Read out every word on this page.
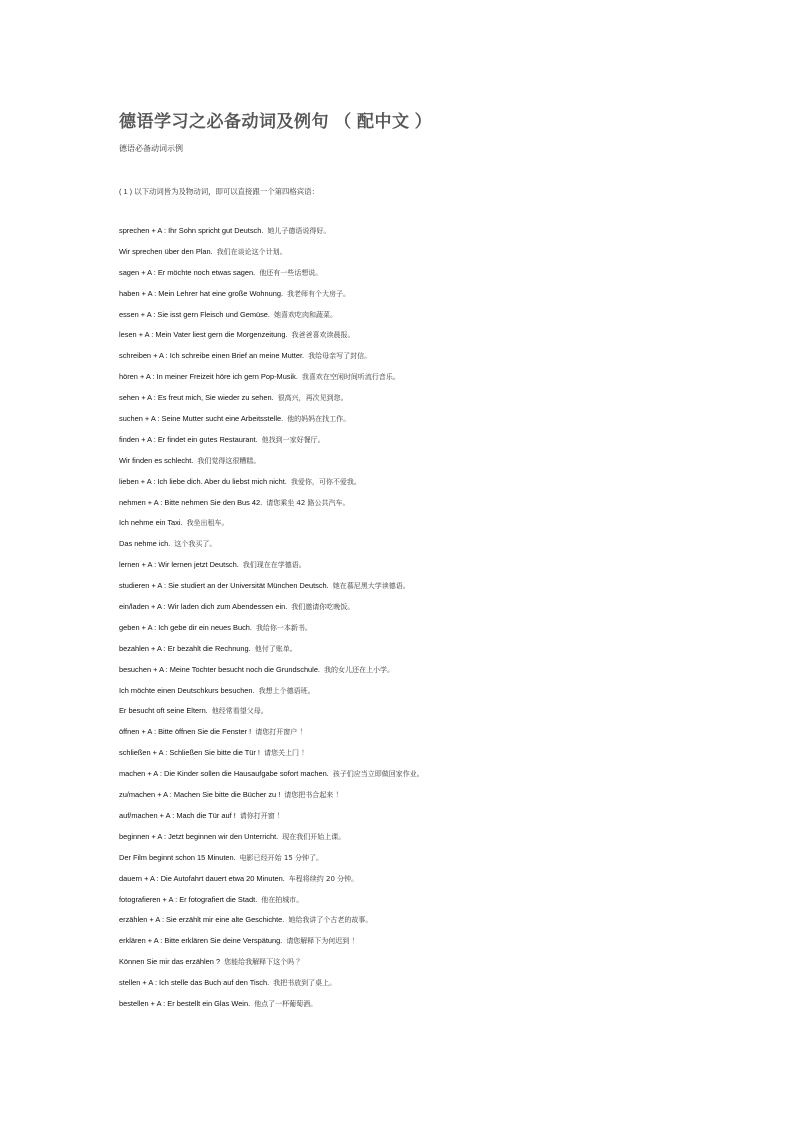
德语学习之必备动词及例句 （ 配中文 ）
德语必备动词示例
( 1 ) 以下动词皆为及物动词，即可以直接跟一个第四格宾语：
sprechen + A : Ihr Sohn spricht gut Deutsch. 她儿子德语说得好。
Wir sprechen über den Plan. 我们在谈论这个计划。
sagen + A : Er möchte noch etwas sagen. 他还有一些话想说。
haben + A : Mein Lehrer hat eine große Wohnung. 我老师有个大房子。
essen + A : Sie isst gern Fleisch und Gemüse. 她喜欢吃肉和蔬菜。
lesen + A : Mein Vater liest gern die Morgenzeitung. 我爸爸喜欢读晨报。
schreiben + A : Ich schreibe einen Brief an meine Mutter. 我给母亲写了封信。
hören + A : In meiner Freizeit höre ich gern Pop-Musik. 我喜欢在空闲时间听流行音乐。
sehen + A : Es freut mich, Sie wieder zu sehen. 很高兴，再次见到您。
suchen + A : Seine Mutter sucht eine Arbeitsstelle. 他的妈妈在找工作。
finden + A : Er findet ein gutes Restaurant. 他找到一家好餐厅。
Wir finden es schlecht. 我们觉得这很糟糕。
lieben + A : Ich liebe dich. Aber du liebst mich nicht. 我爱你，可你不爱我。
nehmen + A : Bitte nehmen Sie den Bus 42. 请您乘坐 42 路公共汽车。
Ich nehme ein Taxi. 我坐出租车。
Das nehme ich. 这个我买了。
lernen + A : Wir lernen jetzt Deutsch. 我们现在在学德语。
studieren + A : Sie studiert an der Universität München Deutsch. 她在慕尼黑大学读德语。
ein/laden + A : Wir laden dich zum Abendessen ein. 我们邀请你吃晚饭。
geben + A : Ich gebe dir ein neues Buch. 我给你一本新书。
bezahlen + A : Er bezahlt die Rechnung. 他付了账单。
besuchen + A : Meine Tochter besucht noch die Grundschule. 我的女儿还在上小学。
Ich möchte einen Deutschkurs besuchen. 我想上个德语班。
Er besucht oft seine Eltern. 他经常看望父母。
öffnen + A : Bitte öffnen Sie die Fenster ! 请您打开窗户 ！
schließen + A : Schließen Sie bitte die Tür ! 请您关上门 ！
machen + A : Die Kinder sollen die Hausaufgabe sofort machen. 孩子们应当立即做回家作业。
zu/machen + A : Machen Sie bitte die Bücher zu ! 请您把书合起来 ！
auf/machen + A : Mach die Tür auf ! 请你打开窗 ！
beginnen + A : Jetzt beginnen wir den Unterricht. 现在我们开始上课。
Der Film beginnt schon 15 Minuten. 电影已经开始 15 分钟了。
dauern + A : Die Autofahrt dauert etwa 20 Minuten. 车程将续约 20 分钟。
fotografieren + A : Er fotografiert die Stadt. 他在拍城市。
erzählen + A : Sie erzählt mir eine alte Geschichte. 她给我讲了个古老的故事。
erklären + A : Bitte erklären Sie deine Verspätung. 请您解释下为何迟到 ！
Können Sie mir das erzählen ? 您能给我解释下这个吗 ？
stellen + A : Ich stelle das Buch auf den Tisch. 我把书放到了桌上。
bestellen + A : Er bestellt ein Glas Wein. 他点了一杯葡萄酒。
